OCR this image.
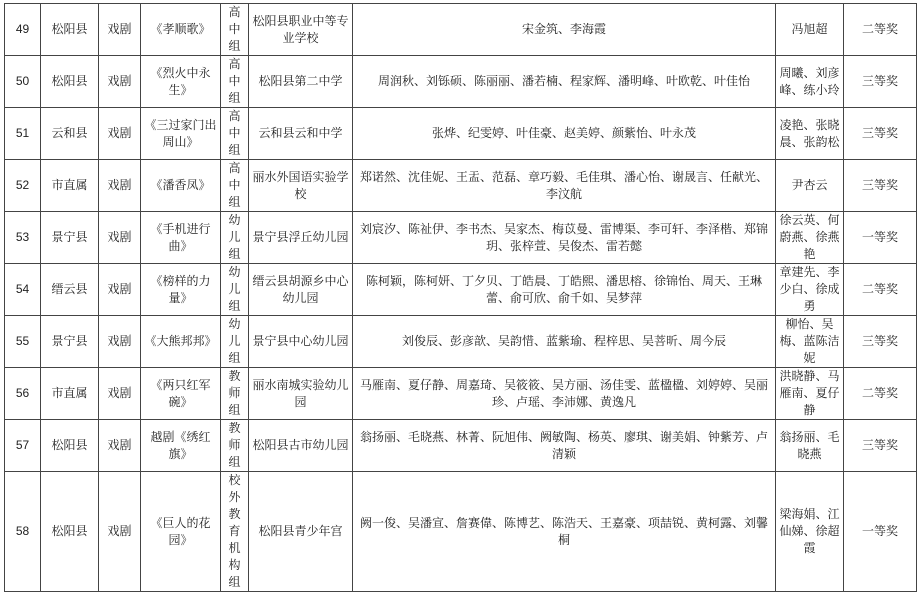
49	松阳县	戏剧	《孝顺歌》	高中组	松阳县职业中等专业学校	宋金筑、李海霞	冯旭超	二等奖
50	松阳县	戏剧	《烈火中永生》	高中组	松阳县第二中学	周润秋、刘铄硕、陈丽丽、潘若楠、程家辉、潘明峰、叶欧乾、叶佳怡	周曦、刘彦峰、练小玲	三等奖
51	云和县	戏剧	《三过家门出周山》	高中组	云和县云和中学	张烨、纪雯婷、叶佳豪、赵美婷、颜紫怡、叶永茂	凌艳、张晓晨、张韵松	三等奖
52	市直属	戏剧	《潘香凤》	高中组	丽水外国语实验学校	郑诺然、沈佳妮、王盂、范磊、章巧毅、毛佳琪、潘心怡、谢晟言、任献光、李汶航	尹杏云	三等奖
53	景宁县	戏剧	《手机进行曲》	幼儿组	景宁县浮丘幼儿园	刘宸汐、陈祉伊、李书杰、吴家杰、梅苡曼、雷博渠、李可轩、李泽楷、郑锦玥、张梓萱、吴俊杰、雷若懿	徐云英、何蔚燕、徐燕艳	一等奖
54	缙云县	戏剧	《榜样的力量》	幼儿组	缙云县胡源乡中心幼儿园	陈柯颖，陈柯妍、丁夕贝、丁皓晨、丁皓熙、潘思榕、徐锦怡、周天、王琳蕾、俞可欣、俞千如、吴梦萍	章建先、李少白、徐成勇	二等奖
55	景宁县	戏剧	《大熊邦邦》	幼儿组	景宁县中心幼儿园	刘俊辰、彭彦歆、吴韵惜、蓝紫瑜、程梓思、吴菩昕、周今辰	柳怡、吴梅、蓝陈洁妮	三等奖
56	市直属	戏剧	《两只红军碗》	教师组	丽水南城实验幼儿园	马雁南、夏仔静、周嘉琦、吴筱筱、吴方丽、汤佳雯、蓝楹楹、刘婷婷、吴丽珍、卢瑶、李沛娜、黄逸凡	洪晓静、马雁南、夏仔静	二等奖
57	松阳县	戏剧	越剧《绣红旗》	教师组	松阳县古市幼儿园	翁扬丽、毛晓燕、林菁、阮旭伟、阙敏陶、杨英、廖琪、谢美娟、钟紫芳、卢清颖	翁扬丽、毛晓燕	三等奖
58	松阳县	戏剧	《巨人的花园》	校外教育机构组	松阳县青少年宫	阙一俊、吴潘宣、詹赛偉、陈博艺、陈浩天、王嘉豪、项喆锐、黄柯露、刘馨桐	梁海娟、江仙娣、徐超霞	一等奖
